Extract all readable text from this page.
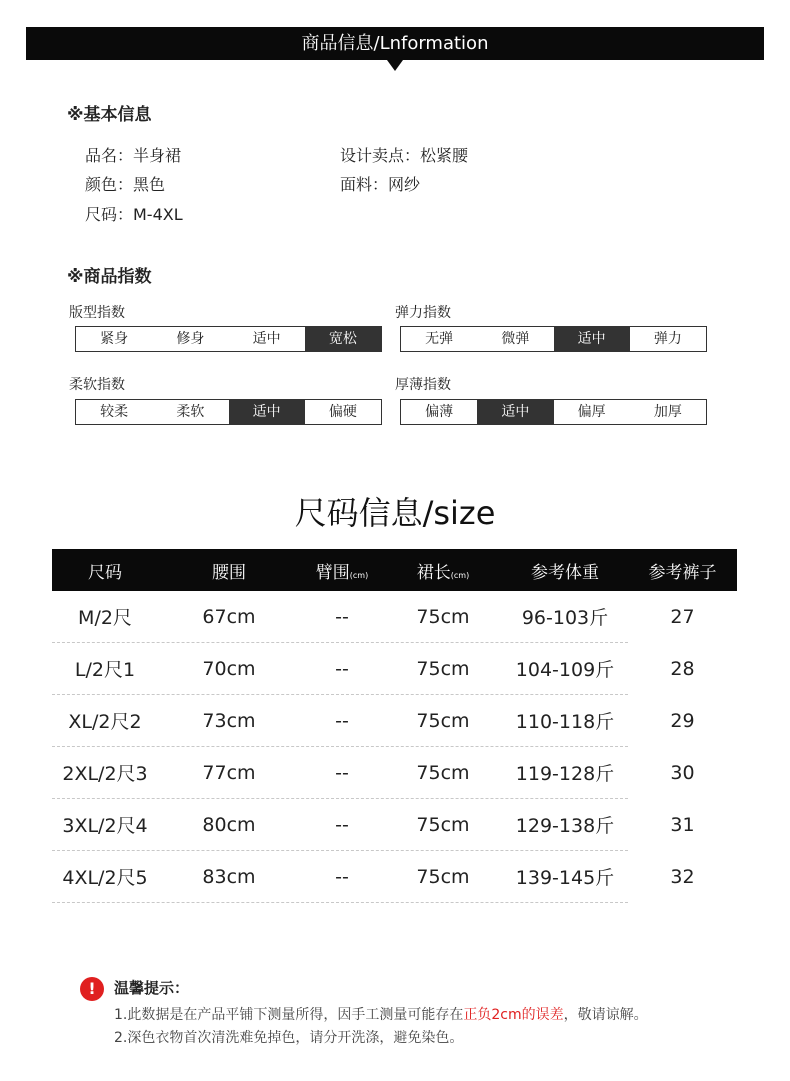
商品信息/Lnformation
※基本信息
品名：半身裙
颜色：黑色
尺码：M-4XL
设计卖点：松紧腰
面料：网纱
※商品指数
版型指数
紧身	修身	适中	宽松
弹力指数
无弹	微弹	适中	弹力
柔软指数
较柔	柔软	适中	偏硬
厚薄指数
偏薄	适中	偏厚	加厚
尺码信息/size
尺码	腰围	臂围(cm)	裙长(cm)	参考体重	参考裤子
M/2尺	67cm	--	75cm	96-103斤	27
L/2尺1	70cm	--	75cm	104-109斤	28
XL/2尺2	73cm	--	75cm	110-118斤	29
2XL/2尺3	77cm	--	75cm	119-128斤	30
3XL/2尺4	80cm	--	75cm	129-138斤	31
4XL/2尺5	83cm	--	75cm	139-145斤	32
!	温馨提示：
1.此数据是在产品平铺下测量所得，因手工测量可能存在正负2cm的误差，敬请谅解。
2.深色衣物首次清洗难免掉色，请分开洗涤，避免染色。
